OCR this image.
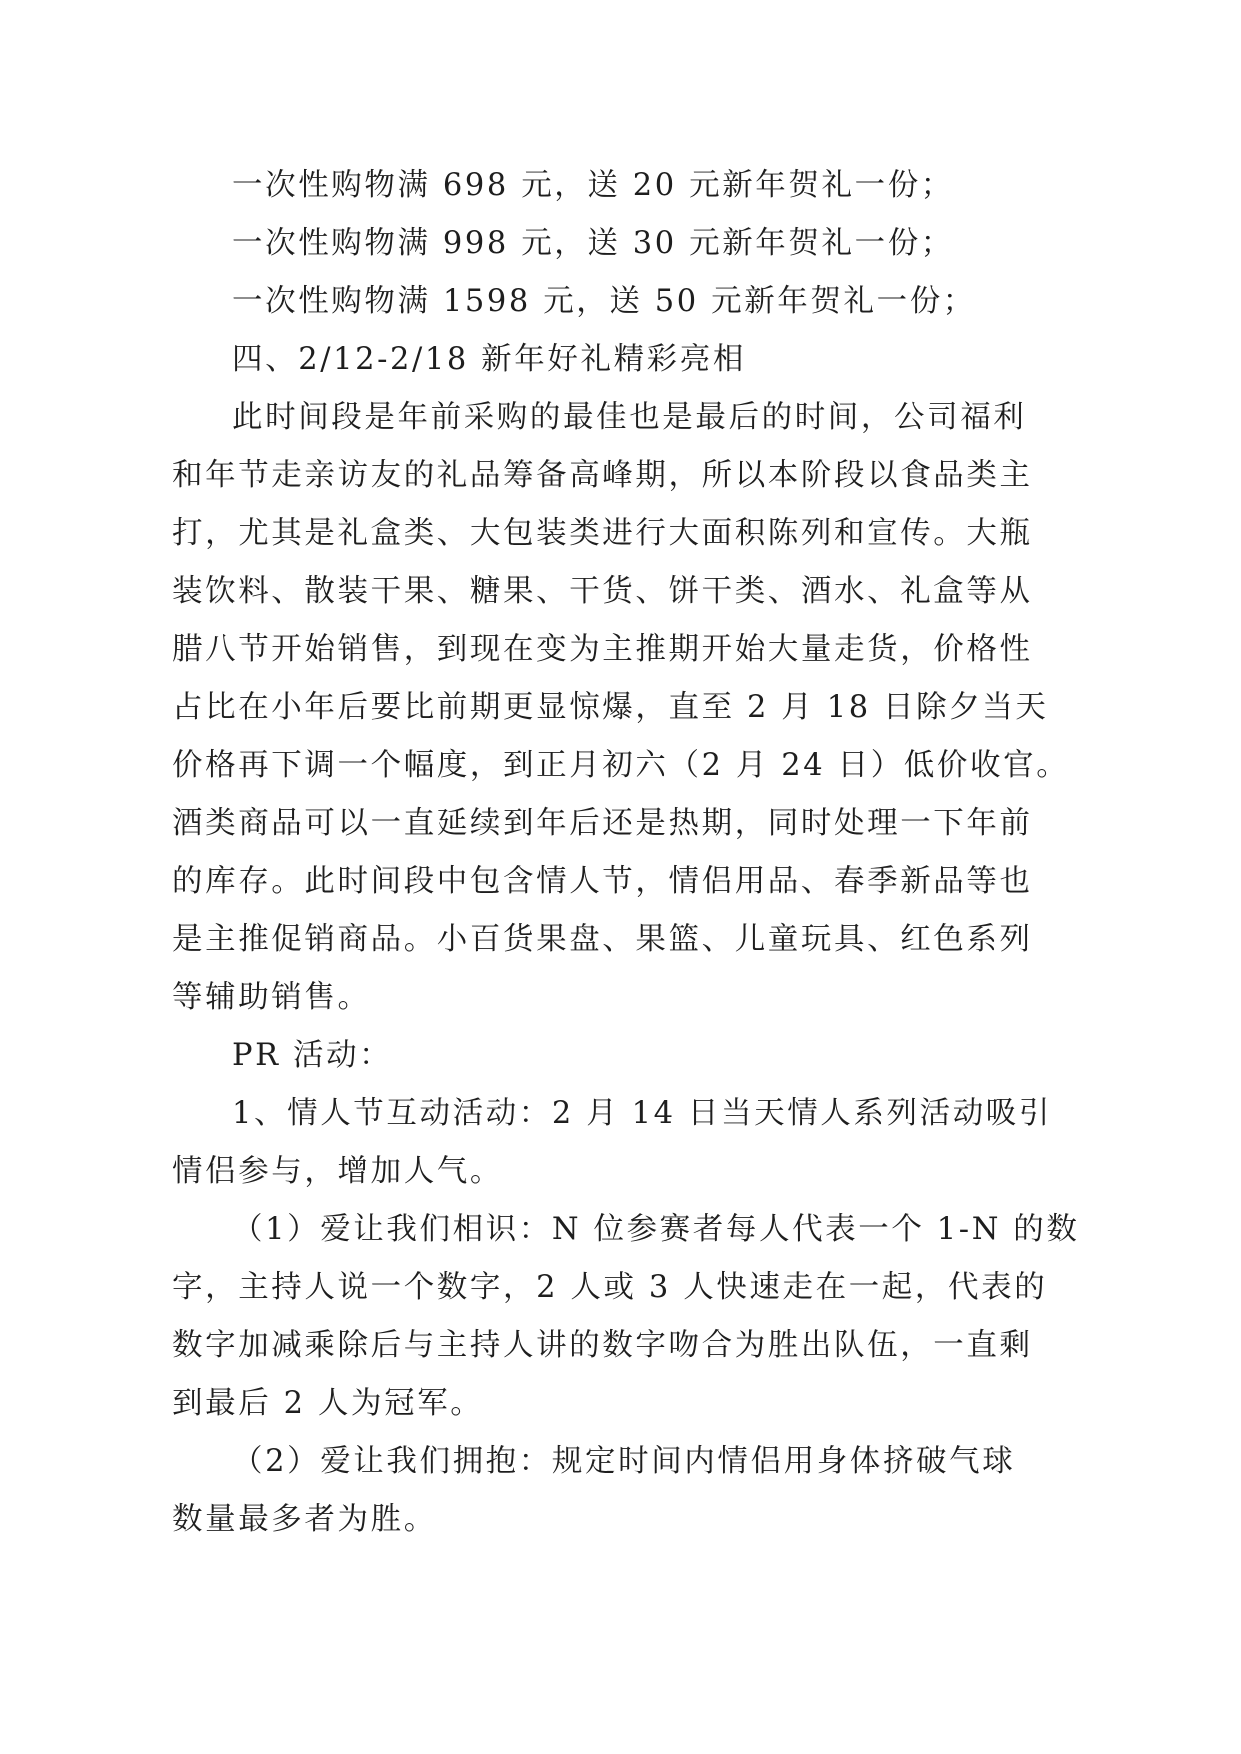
一次性购物满 698 元，送 20 元新年贺礼一份；
一次性购物满 998 元，送 30 元新年贺礼一份；
一次性购物满 1598 元，送 50 元新年贺礼一份；
四、2/12-2/18 新年好礼精彩亮相
此时间段是年前采购的最佳也是最后的时间，公司福利
和年节走亲访友的礼品筹备高峰期，所以本阶段以食品类主
打，尤其是礼盒类、大包装类进行大面积陈列和宣传。大瓶
装饮料、散装干果、糖果、干货、饼干类、酒水、礼盒等从
腊八节开始销售，到现在变为主推期开始大量走货，价格性
占比在小年后要比前期更显惊爆，直至 2 月 18 日除夕当天
价格再下调一个幅度，到正月初六（2 月 24 日）低价收官。
酒类商品可以一直延续到年后还是热期，同时处理一下年前
的库存。此时间段中包含情人节，情侣用品、春季新品等也
是主推促销商品。小百货果盘、果篮、儿童玩具、红色系列
等辅助销售。
PR 活动：
1、情人节互动活动：2 月 14 日当天情人系列活动吸引
情侣参与，增加人气。
（1）爱让我们相识：N 位参赛者每人代表一个 1-N 的数
字，主持人说一个数字，2 人或 3 人快速走在一起，代表的
数字加减乘除后与主持人讲的数字吻合为胜出队伍，一直剩
到最后 2 人为冠军。
（2）爱让我们拥抱：规定时间内情侣用身体挤破气球
数量最多者为胜。
